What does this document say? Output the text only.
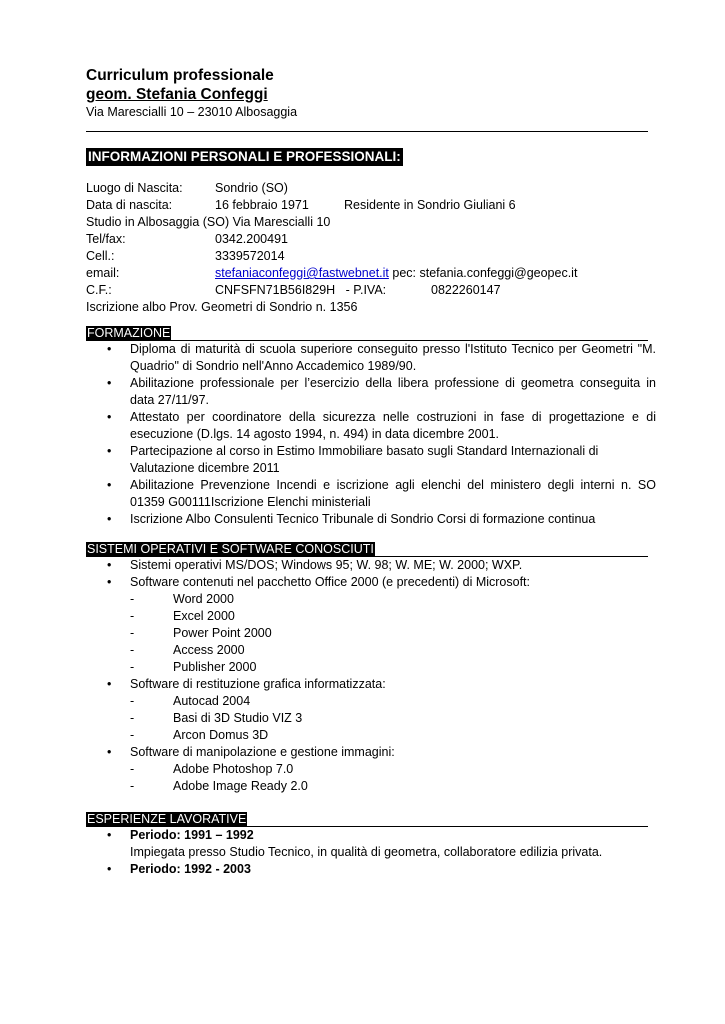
Curriculum professionale
geom. Stefania Confeggi
Via Marescialli 10 – 23010 Albosaggia
INFORMAZIONI PERSONALI E PROFESSIONALI:
Luogo di Nascita:	Sondrio (SO)
Data di nascita:	16 febbraio 1971	Residente in Sondrio Giuliani 6
Studio in Albosaggia (SO) Via Marescialli 10
Tel/fax:	0342.200491
Cell.:	3339572014
email:	stefaniaconfeggi@fastwebnet.it pec: stefania.confeggi@geopec.it
C.F.:	CNFSFN71B56I829H   - P.IVA:	0822260147
Iscrizione albo Prov. Geometri di Sondrio n. 1356
FORMAZIONE
• Diploma di maturità di scuola superiore conseguito presso l'Istituto Tecnico per Geometri "M. Quadrio" di Sondrio nell'Anno Accademico 1989/90.
• Abilitazione professionale per l’esercizio della libera professione di geometra conseguita in data 27/11/97.
• Attestato per coordinatore della sicurezza nelle costruzioni in fase di progettazione e di esecuzione (D.lgs. 14 agosto 1994, n. 494) in data dicembre 2001.
• Partecipazione al corso in Estimo Immobiliare basato sugli Standard Internazionali di Valutazione dicembre 2011
• Abilitazione Prevenzione Incendi e iscrizione agli elenchi del ministero degli interni n. SO 01359 G00111Iscrizione Elenchi ministeriali
• Iscrizione Albo Consulenti Tecnico Tribunale di Sondrio Corsi di formazione continua
SISTEMI OPERATIVI E SOFTWARE CONOSCIUTI
• Sistemi operativi MS/DOS; Windows 95; W. 98; W. ME; W. 2000; WXP.
• Software contenuti nel pacchetto Office 2000 (e precedenti) di Microsoft:
-	Word 2000
-	Excel 2000
-	Power Point 2000
-	Access 2000
-	Publisher 2000
• Software di restituzione grafica informatizzata:
-	Autocad 2004
-	Basi di 3D Studio VIZ 3
-	Arcon Domus 3D
• Software di manipolazione e gestione immagini:
-	Adobe Photoshop 7.0
-	Adobe Image Ready 2.0
ESPERIENZE LAVORATIVE
• Periodo: 1991 – 1992
Impiegata presso Studio Tecnico, in qualità di geometra, collaboratore edilizia privata.
• Periodo: 1992 - 2003
